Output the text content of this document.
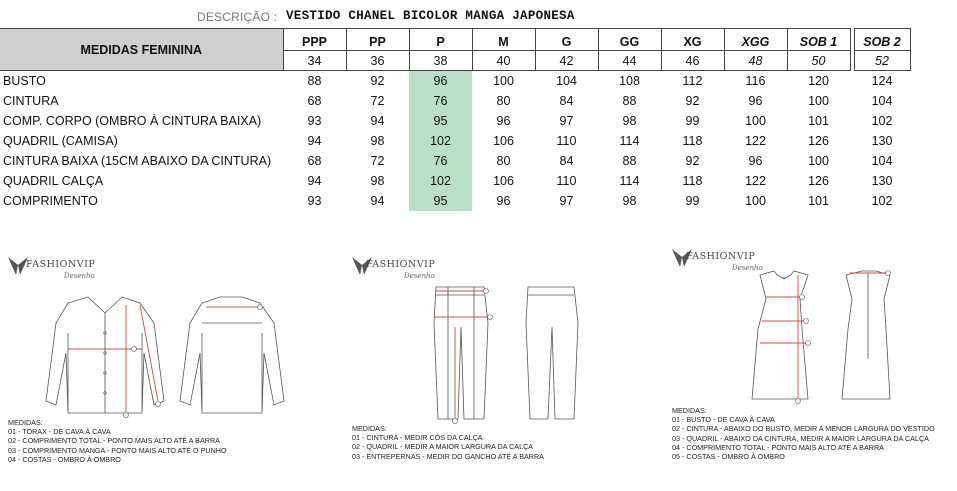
DESCRIÇÃO : VESTIDO CHANEL BICOLOR MANGA JAPONESA
MEDIDAS FEMININA	PPP	PP	P	M	G	GG	XG	XGG	SOB 1		SOB 2
	34	36	38	40	42	44	46	48	50		52
BUSTO	88	92	96	100	104	108	112	116	120		124
CINTURA	68	72	76	80	84	88	92	96	100		104
COMP. CORPO (OMBRO À CINTURA BAIXA)	93	94	95	96	97	98	99	100	101		102
QUADRIL (CAMISA)	94	98	102	106	110	114	118	122	126		130
CINTURA BAIXA (15CM ABAIXO DA CINTURA)	68	72	76	80	84	88	92	96	100		104
QUADRIL CALÇA	94	98	102	106	110	114	118	122	126		130
COMPRIMENTO	93	94	95	96	97	98	99	100	101		102
FASHIONVIP
Desenho
MEDIDAS:
01 - TORAX - DE CAVA À CAVA
02 - COMPRIMENTO TOTAL - PONTO MAIS ALTO ATÉ A BARRA
03 - COMPRIMENTO MANGA - PONTO MAIS ALTO ATÉ O PUNHO
04 - COSTAS - OMBRO À OMBRO
FASHIONVIP
Desenho
MEDIDAS:
01 - CINTURA - MEDIR CÓS DA CALÇA
02 - QUADRIL - MEDIR A MAIOR LARGURA DA CALÇA
03 - ENTREPERNAS - MEDIR DO GANCHO ATÉ A BARRA
FASHIONVIP
Desenho
MEDIDAS:
01 - BUSTO - DE CAVA À CAVA
02 - CINTURA - ABAIXO DO BUSTO, MEDIR A MENOR LARGURA DO VESTIDO
03 - QUADRIL - ABAIXO DA CINTURA, MEDIR A MAIOR LARGURA DA CALÇA
04 - COMPRIMENTO TOTAL - PONTO MAIS ALTO ATÉ A BARRA
05 - COSTAS - OMBRO À OMBRO
